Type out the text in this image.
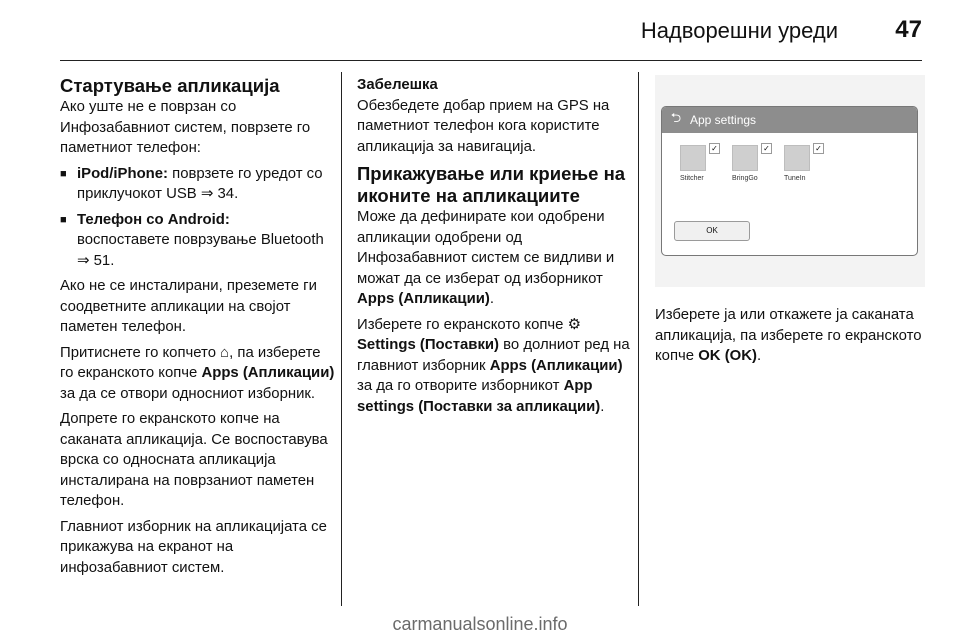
Надворешни уреди 47
Стартување апликација

Ако уште не е поврзан со Инфозабавниот систем, поврзете го паметниот телефон:

■ iPod/iPhone: поврзете го уредот со приклучокот USB ⇒ 34.
■ Телефон со Android:
воспоставете поврзување Bluetooth ⇒ 51.

Ако не се инсталирани, преземете ги соодветните апликации на својот паметен телефон.

Притиснете го копчето ⌂, па изберете го екранското копче Apps (Апликации) за да се отвори односниот изборник.

Допрете го екранското копче на саканата апликација. Се воспоставува врска со односната апликација инсталирана на поврзаниот паметен телефон.

Главниот изборник на апликацијата се прикажува на екранот на инфозабавниот систем.

Забелешка

Обезбедете добар прием на GPS на паметниот телефон кога користите апликација за навигација.

Прикажување или криење на иконите на апликациите

Може да дефинирате кои одобрени апликации одобрени од Инфозабавниот систем се видливи и можат да се изберат од изборникот Apps (Апликации).

Изберете го екранското копче ⚙
Settings (Поставки) во долниот ред на главниот изборник Apps (Апликации) за да го отворите изборникот App settings (Поставки за апликации).

⮌ App settings
✓
Stitcher
✓
BringGo
✓
TuneIn
OK

Изберете ја или откажете ја саканата апликација, па изберете го екранското копче OK (OK).

carmanualsonline.info
